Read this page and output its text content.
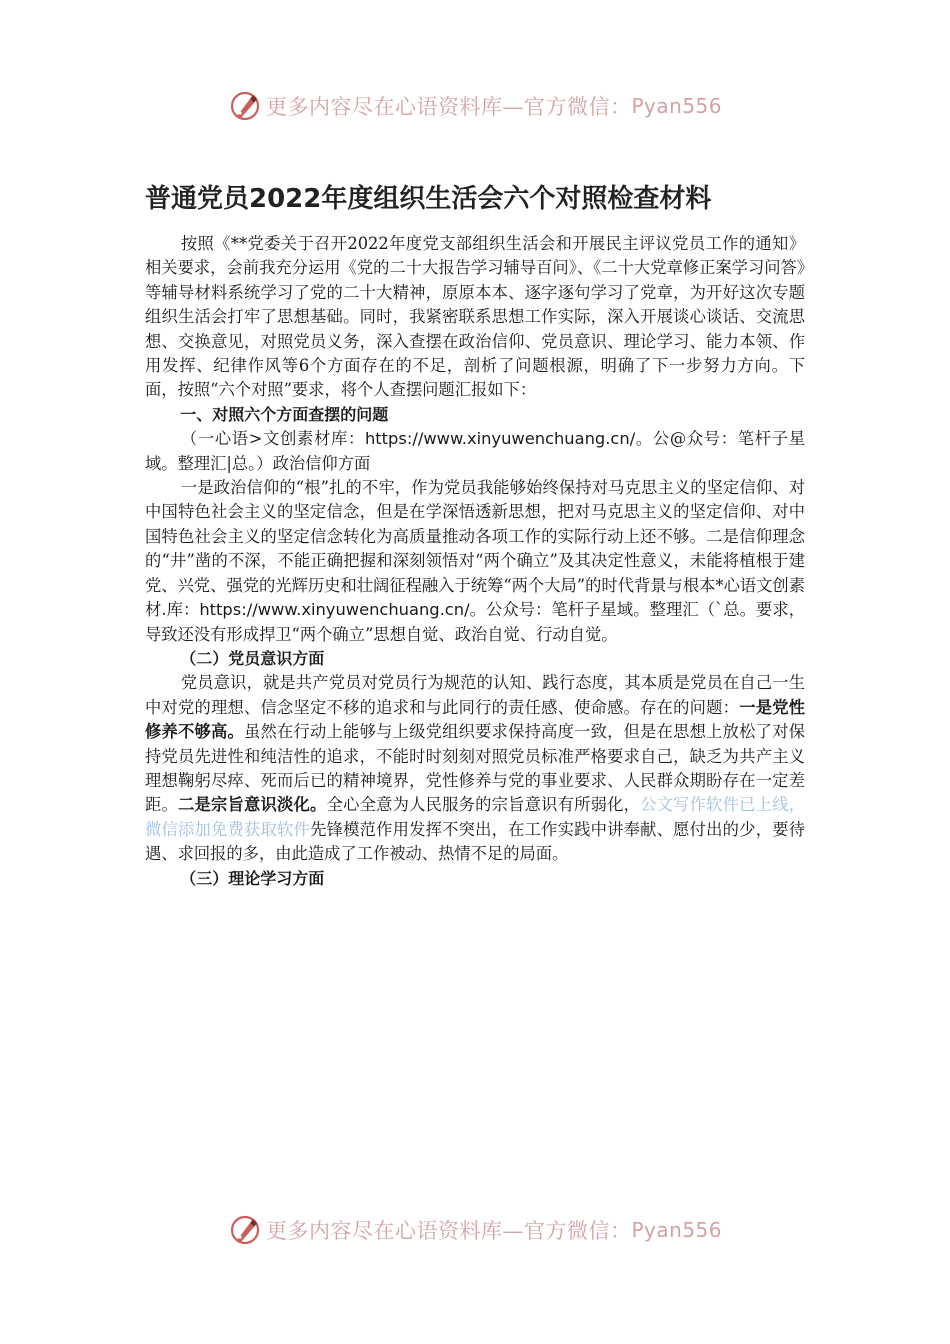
更多内容尽在心语资料库—官方微信： Pyan556
普通党员2022年度组织生活会六个对照检查材料

按照《**党委关于召开2022年度党支部组织生活会和开展民主评议党员工作的通知》相关要求，会前我充分运用《党的二十大报告学习辅导百问》、《二十大党章修正案学习问答》等辅导材料系统学习了党的二十大精神，原原本本、逐字逐句学习了党章，为开好这次专题组织生活会打牢了思想基础。同时，我紧密联系思想工作实际，深入开展谈心谈话、交流思想、交换意见，对照党员义务，深入查摆在政治信仰、党员意识、理论学习、能力本领、作用发挥、纪律作风等6个方面存在的不足，剖析了问题根源，明确了下一步努力方向。下面，按照“六个对照”要求，将个人查摆问题汇报如下：

一、对照六个方面查摆的问题

（一心语>文创素材库：https://www.xinyuwenchuang.cn/。公@众号：笔杆子星域。整理汇|总。）政治信仰方面

一是政治信仰的“根”扎的不牢，作为党员我能够始终保持对马克思主义的坚定信仰、对中国特色社会主义的坚定信念，但是在学深悟透新思想，把对马克思主义的坚定信仰、对中国特色社会主义的坚定信念转化为高质量推动各项工作的实际行动上还不够。二是信仰理念的“井”凿的不深，不能正确把握和深刻领悟对“两个确立”及其决定性意义，未能将植根于建党、兴党、强党的光辉历史和壮阔征程融入于统筹“两个大局”的时代背景与根本*心语文创素材.库：https://www.xinyuwenchuang.cn/。公众号：笔杆子星域。整理汇（`总。要求，导致还没有形成捍卫“两个确立”思想自觉、政治自觉、行动自觉。

（二）党员意识方面

党员意识，就是共产党员对党员行为规范的认知、践行态度，其本质是党员在自己一生中对党的理想、信念坚定不移的追求和与此同行的责任感、使命感。存在的问题：一是党性修养不够高。虽然在行动上能够与上级党组织要求保持高度一致，但是在思想上放松了对保持党员先进性和纯洁性的追求，不能时时刻刻对照党员标准严格要求自己，缺乏为共产主义理想鞠躬尽瘁、死而后已的精神境界，党性修养与党的事业要求、人民群众期盼存在一定差距。二是宗旨意识淡化。全心全意为人民服务的宗旨意识有所弱化，公文写作软件已上线，微信添加免费获取软件先锋模范作用发挥不突出，在工作实践中讲奉献、愿付出的少，要待遇、求回报的多，由此造成了工作被动、热情不足的局面。

（三）理论学习方面

更多内容尽在心语资料库—官方微信： Pyan556
